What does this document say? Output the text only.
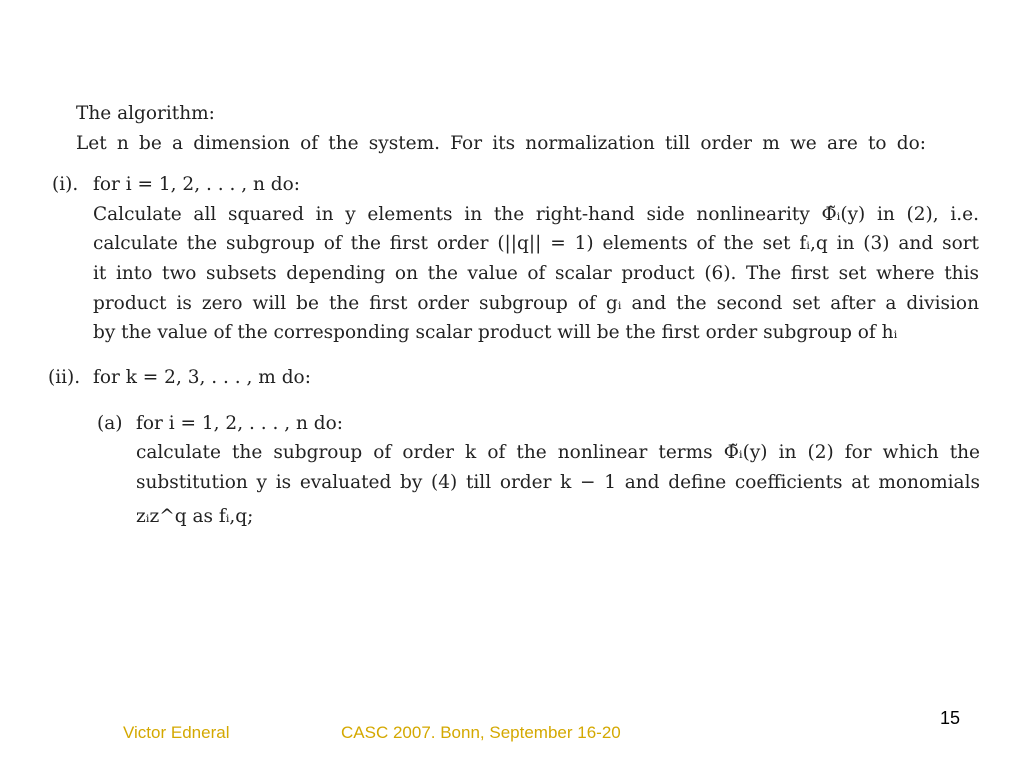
The algorithm:
Let n be a dimension of the system. For its normalization till order m we are to do:
(i). for i = 1, 2, . . . , n do:
Calculate all squared in y elements in the right-hand side nonlinearity Φ̃ᵢ(y) in (2), i.e.
calculate the subgroup of the first order (||q|| = 1) elements of the set fᵢ,q in (3) and sort
it into two subsets depending on the value of scalar product (6). The first set where this
product is zero will be the first order subgroup of gᵢ and the second set after a division
by the value of the corresponding scalar product will be the first order subgroup of hᵢ
(ii). for k = 2, 3, . . . , m do:
(a) for i = 1, 2, . . . , n do:
calculate the subgroup of order k of the nonlinear terms Φ̃ᵢ(y) in (2) for which the
substitution y is evaluated by (4) till order k − 1 and define coefficients at monomials
zᵢz^q as fᵢ,q;
15
Victor Edneral	CASC 2007. Bonn, September 16-20
